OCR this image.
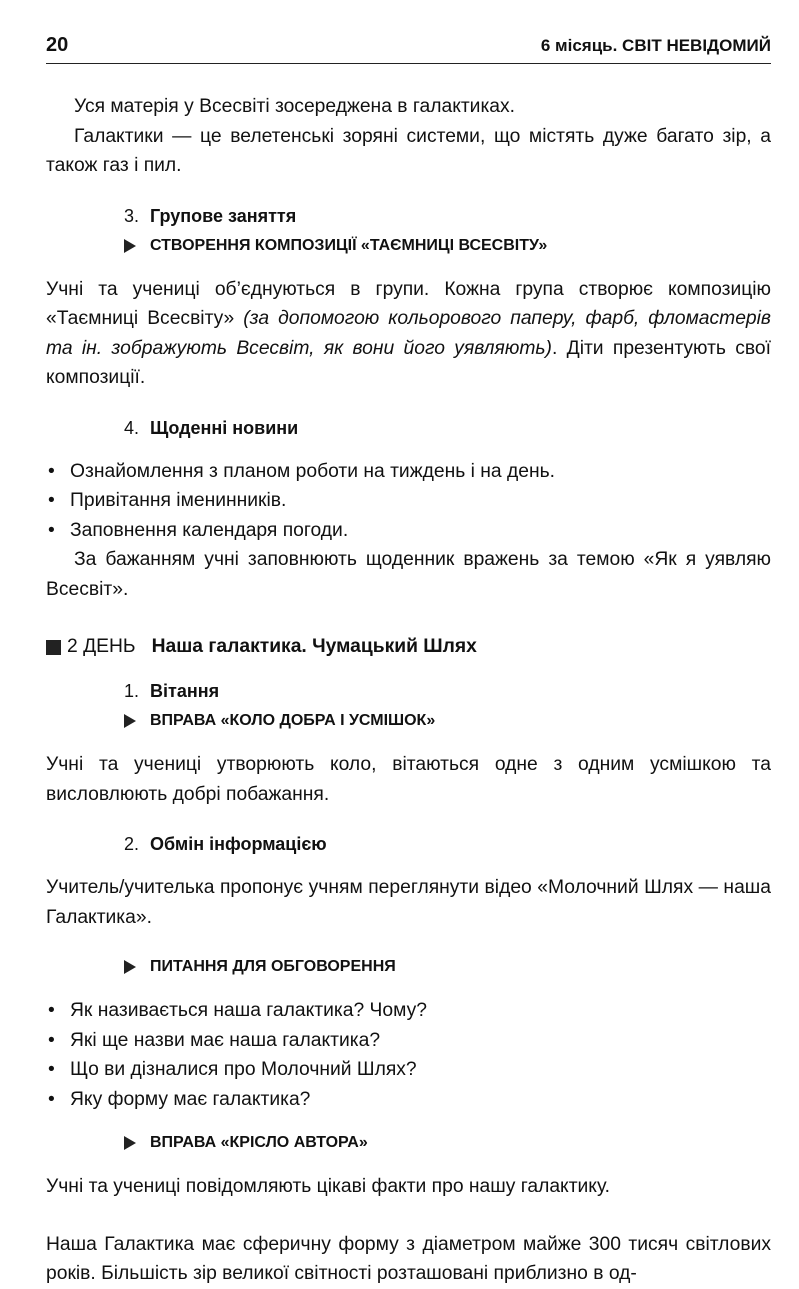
20	6 місяць. СВІТ НЕВІДОМИЙ

Уся матерія у Всесвіті зосереджена в галактиках.

Галактики — це велетенські зоряні системи, що містять дуже багато зір, а також газ і пил.

3. Групове заняття
СТВОРЕННЯ КОМПОЗИЦІЇ «ТАЄМНИЦІ ВСЕСВІТУ»

Учні та учениці об’єднуються в групи. Кожна група створює композицію «Таємниці Всесвіту» (за допомогою кольорового паперу, фарб, фломастерів та ін. зображують Всесвіт, як вони його уявляють). Діти презентують свої композиції.

4. Щоденні новини
• Ознайомлення з планом роботи на тиждень і на день.
• Привітання іменинників.
• Заповнення календаря погоди.

За бажанням учні заповнюють щоденник вражень за темою «Як я уявляю Всесвіт».

2 ДЕНЬ Наша галактика. Чумацький Шлях
1. Вітання
ВПРАВА «КОЛО ДОБРА І УСМІШОК»

Учні та учениці утворюють коло, вітаються одне з одним усмішкою та висловлюють добрі побажання.

2. Обмін інформацією

Учитель/учителька пропонує учням переглянути відео «Молочний Шлях — наша Галактика».

ПИТАННЯ ДЛЯ ОБГОВОРЕННЯ
• Як називається наша галактика? Чому?
• Які ще назви має наша галактика?
• Що ви дізналися про Молочний Шлях?
• Яку форму має галактика?
ВПРАВА «КРІСЛО АВТОРА»

Учні та учениці повідомляють цікаві факти про нашу галактику.

Наша Галактика має сферичну форму з діаметром майже 300 тисяч світлових років. Більшість зір великої світності розташовані приблизно в од-
